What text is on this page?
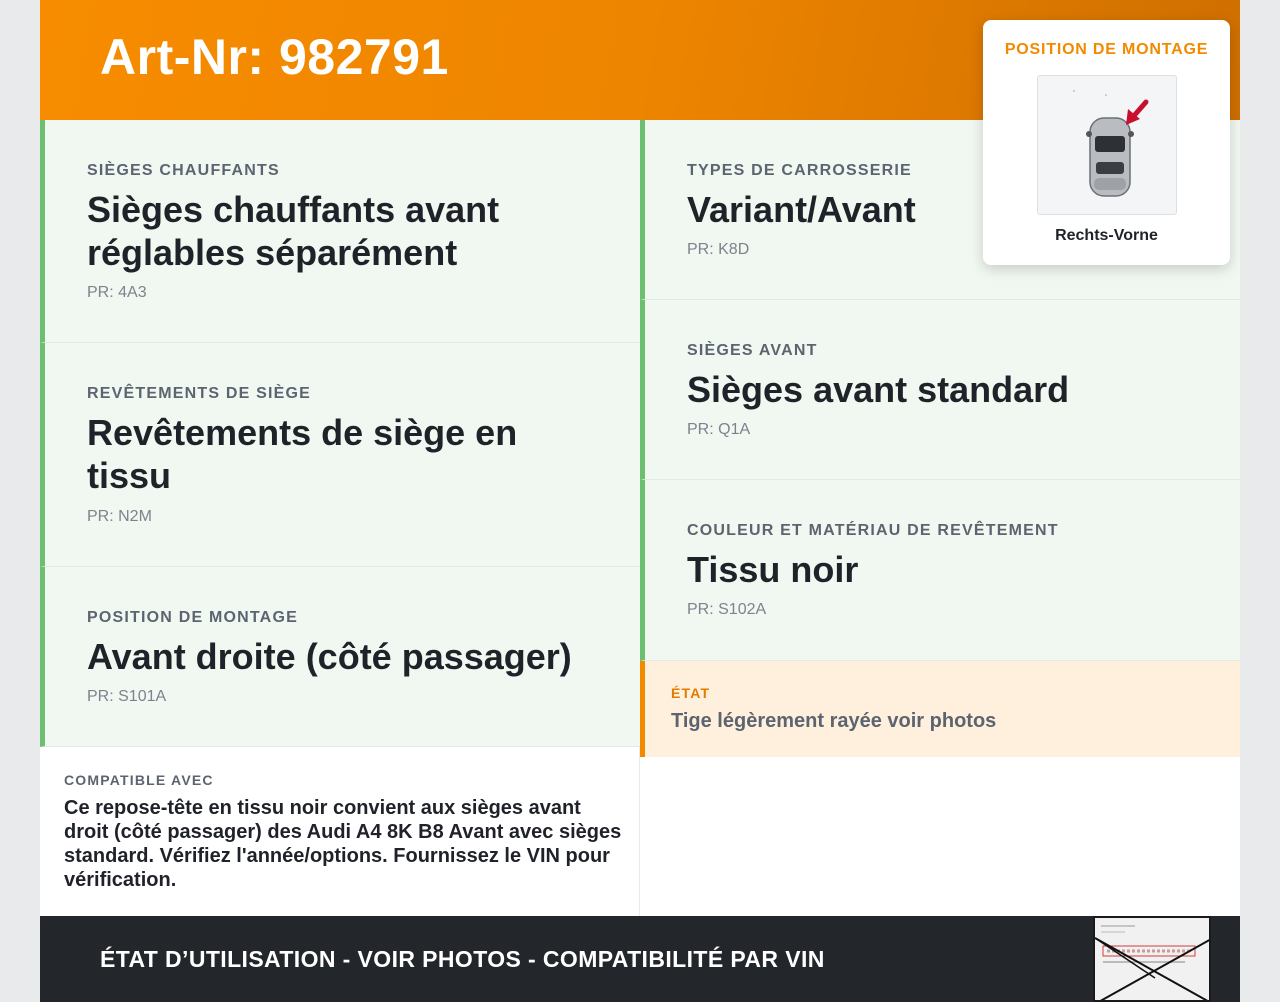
Art-Nr: 982791
SIÈGES CHAUFFANTS
Sièges chauffants avant réglables séparément
PR: 4A3
REVÊTEMENTS DE SIÈGE
Revêtements de siège en tissu
PR: N2M
POSITION DE MONTAGE
Avant droite (côté passager)
PR: S101A
TYPES DE CARROSSERIE
Variant/Avant
PR: K8D
SIÈGES AVANT
Sièges avant standard
PR: Q1A
COULEUR ET MATÉRIAU DE REVÊTEMENT
Tissu noir
PR: S102A
ÉTAT
Tige légèrement rayée voir photos
COMPATIBLE AVEC
Ce repose-tête en tissu noir convient aux sièges avant droit (côté passager) des Audi A4 8K B8 Avant avec sièges standard. Vérifiez l'année/options. Fournissez le VIN pour vérification.
ÉTAT D’UTILISATION - VOIR PHOTOS - COMPATIBILITÉ PAR VIN
POSITION DE MONTAGE
Rechts-Vorne
